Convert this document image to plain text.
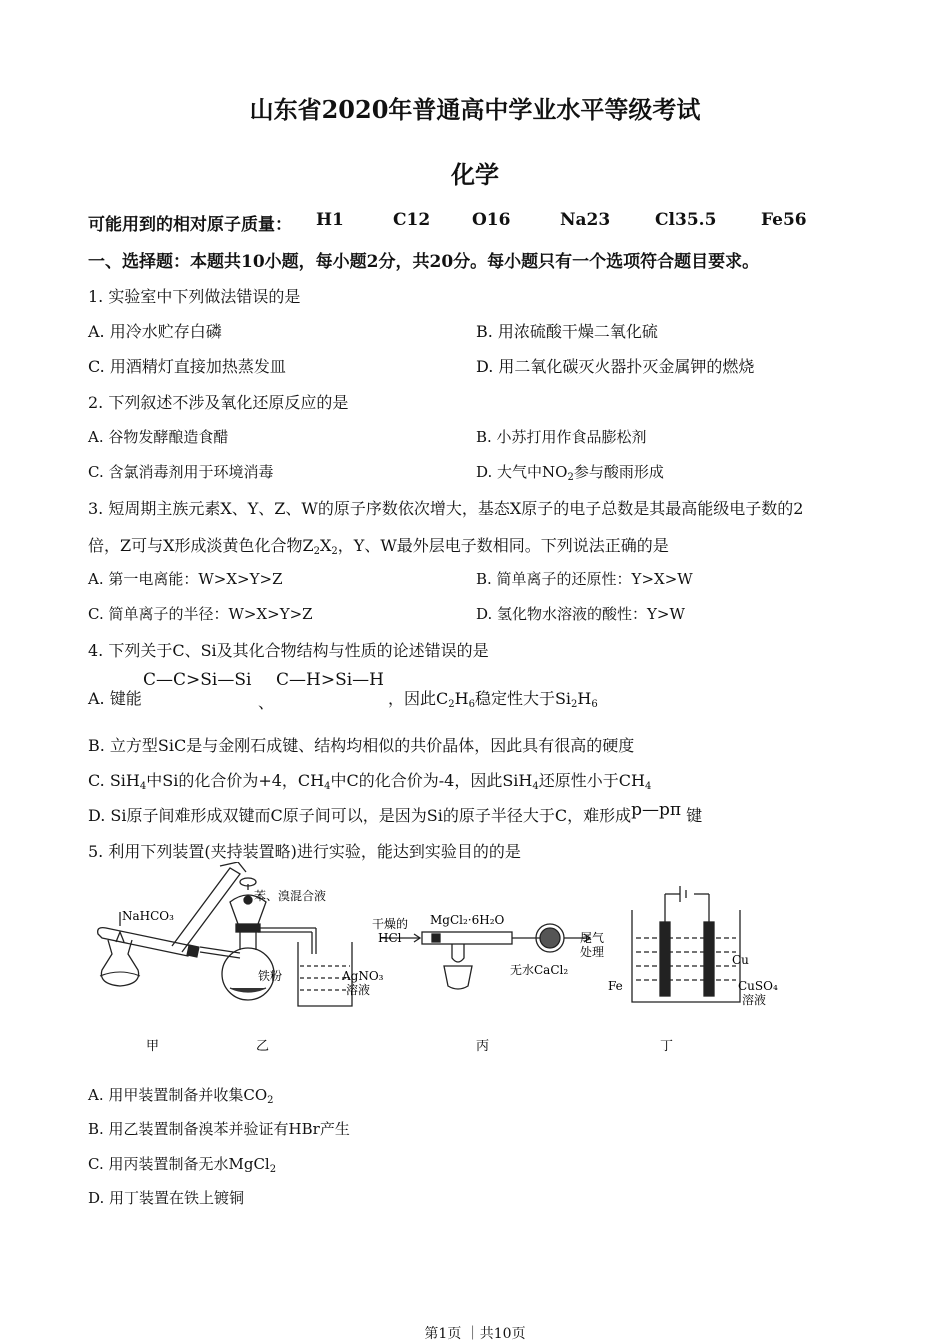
山东省2020年普通高中学业水平等级考试
化学
可能用到的相对原子质量： H1	C12 O16	Na23	Cl35.5	Fe56
一、选择题：本题共10小题，每小题2分，共20分。每小题只有一个选项符合题目要求。
1. 实验室中下列做法错误的是
A. 用冷水贮存白磷	B. 用浓硫酸干燥二氧化硫
C. 用酒精灯直接加热蒸发皿	D. 用二氧化碳灭火器扑灭金属钾的燃烧
2. 下列叙述不涉及氧化还原反应的是
A. 谷物发酵酿造食醋	B. 小苏打用作食品膨松剂
C. 含氯消毒剂用于环境消毒	D. 大气中$NO_2$参与酸雨形成
3. 短周期主族元素X、Y、Z、W的原子序数依次增大，基态X原子的电子总数是其最高能级电子数的2
倍，Z可与X形成淡黄色化合物$Z_2X_2$，Y、W最外层电子数相同。下列说法正确的是
A. 第一电离能：W>X>Y>Z	B. 简单离子的还原性：Y>X>W
C. 简单离子的半径：W>X>Y>Z	D. 氢化物水溶液的酸性：Y>W
4. 下列关于C、Si及其化合物结构与性质的论述错误的是
A. 键能
C—C>Si—Si
、
C—H>Si—H
，因此$C_2H_6$稳定性大于$Si_2H_6$
B. 立方型SiC是与金刚石成键、结构均相似的共价晶体，因此具有很高的硬度
C. SiH$_4$中Si的化合价为+4，$CH_4$中C的化合价为-4，因此SiH$_4$还原性小于$CH_4$
D. Si原子间难形成双键而C原子间可以，是因为Si的原子半径大于C，难形成p—pπ 键
5. 利用下列装置(夹持装置略)进行实验，能达到实验目的的是
NaHCO₃
苯、溴混合液
铁粉	AgNO₃
溶液
干燥的
HCl
MgCl₂·6H₂O
尾气
处理
无水CaCl₂
Cu
Fe	CuSO₄
溶液
甲	乙	丙	丁
A. 用甲装置制备并收集$CO_2$
B. 用乙装置制备溴苯并验证有HBr产生
C. 用丙装置制备无水MgCl$_2$
D. 用丁装置在铁上镀铜
第1页 ｜共10页
